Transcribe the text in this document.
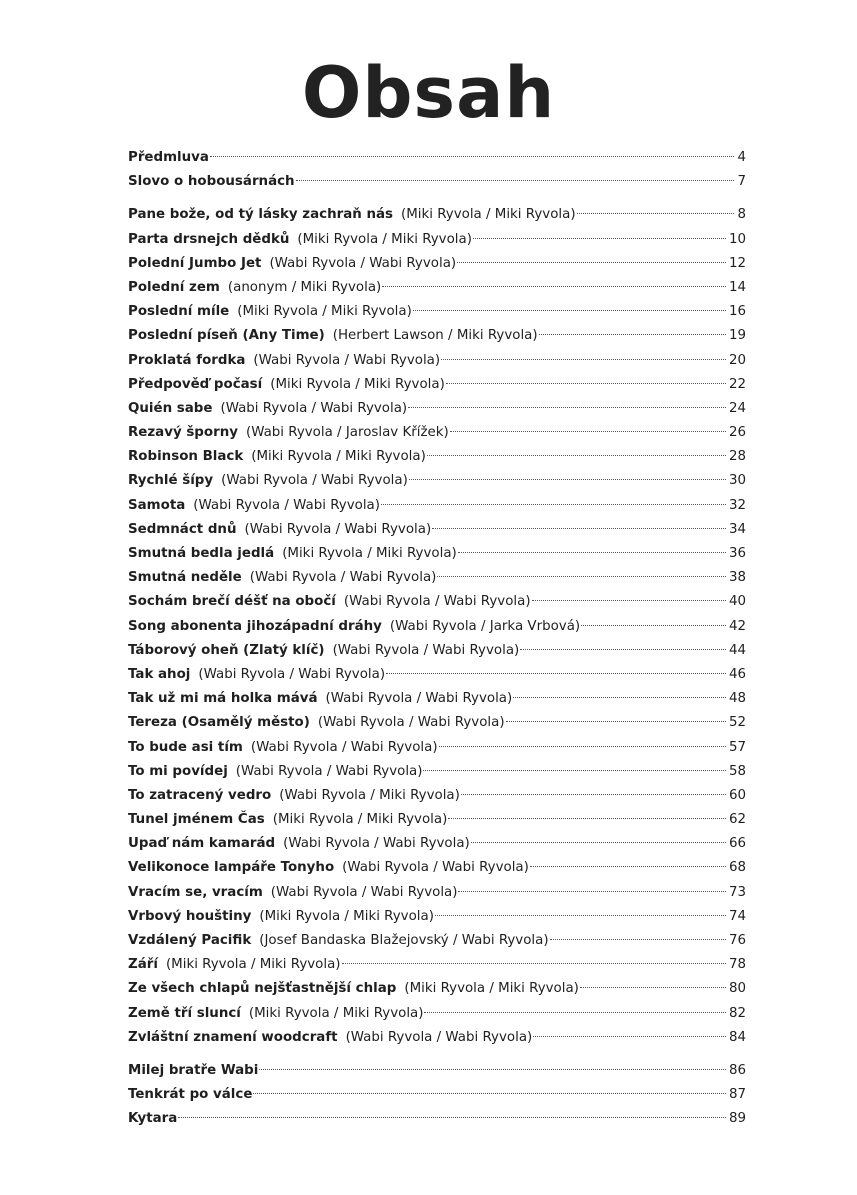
Obsah
Předmluva	4
Slovo o hobousárnách	7
Pane bože, od tý lásky zachraň nás (Miki Ryvola / Miki Ryvola)	8
Parta drsnejch dědků (Miki Ryvola / Miki Ryvola)	10
Polední Jumbo Jet (Wabi Ryvola / Wabi Ryvola)	12
Polední zem (anonym / Miki Ryvola)	14
Poslední míle (Miki Ryvola / Miki Ryvola)	16
Poslední píseň (Any Time) (Herbert Lawson / Miki Ryvola)	19
Proklatá fordka (Wabi Ryvola / Wabi Ryvola)	20
Předpověď počasí (Miki Ryvola / Miki Ryvola)	22
Quién sabe (Wabi Ryvola / Wabi Ryvola)	24
Rezavý šporny (Wabi Ryvola / Jaroslav Křížek)	26
Robinson Black (Miki Ryvola / Miki Ryvola)	28
Rychlé šípy (Wabi Ryvola / Wabi Ryvola)	30
Samota (Wabi Ryvola / Wabi Ryvola)	32
Sedmnáct dnů (Wabi Ryvola / Wabi Ryvola)	34
Smutná bedla jedlá (Miki Ryvola / Miki Ryvola)	36
Smutná neděle (Wabi Ryvola / Wabi Ryvola)	38
Sochám brečí déšť na obočí (Wabi Ryvola / Wabi Ryvola)	40
Song abonenta jihozápadní dráhy (Wabi Ryvola / Jarka Vrbová)	42
Táborový oheň (Zlatý klíč) (Wabi Ryvola / Wabi Ryvola)	44
Tak ahoj (Wabi Ryvola / Wabi Ryvola)	46
Tak už mi má holka mává (Wabi Ryvola / Wabi Ryvola)	48
Tereza (Osamělý město) (Wabi Ryvola / Wabi Ryvola)	52
To bude asi tím (Wabi Ryvola / Wabi Ryvola)	57
To mi povídej (Wabi Ryvola / Wabi Ryvola)	58
To zatracený vedro (Wabi Ryvola / Miki Ryvola)	60
Tunel jménem Čas (Miki Ryvola / Miki Ryvola)	62
Upaď nám kamarád (Wabi Ryvola / Wabi Ryvola)	66
Velikonoce lampáře Tonyho (Wabi Ryvola / Wabi Ryvola)	68
Vracím se, vracím (Wabi Ryvola / Wabi Ryvola)	73
Vrbový houštiny (Miki Ryvola / Miki Ryvola)	74
Vzdálený Pacifik (Josef Bandaska Blažejovský / Wabi Ryvola)	76
Září (Miki Ryvola / Miki Ryvola)	78
Ze všech chlapů nejšťastnější chlap (Miki Ryvola / Miki Ryvola)	80
Země tří sluncí (Miki Ryvola / Miki Ryvola)	82
Zvláštní znamení woodcraft (Wabi Ryvola / Wabi Ryvola)	84
Milej bratře Wabi	86
Tenkrát po válce	87
Kytara	89
